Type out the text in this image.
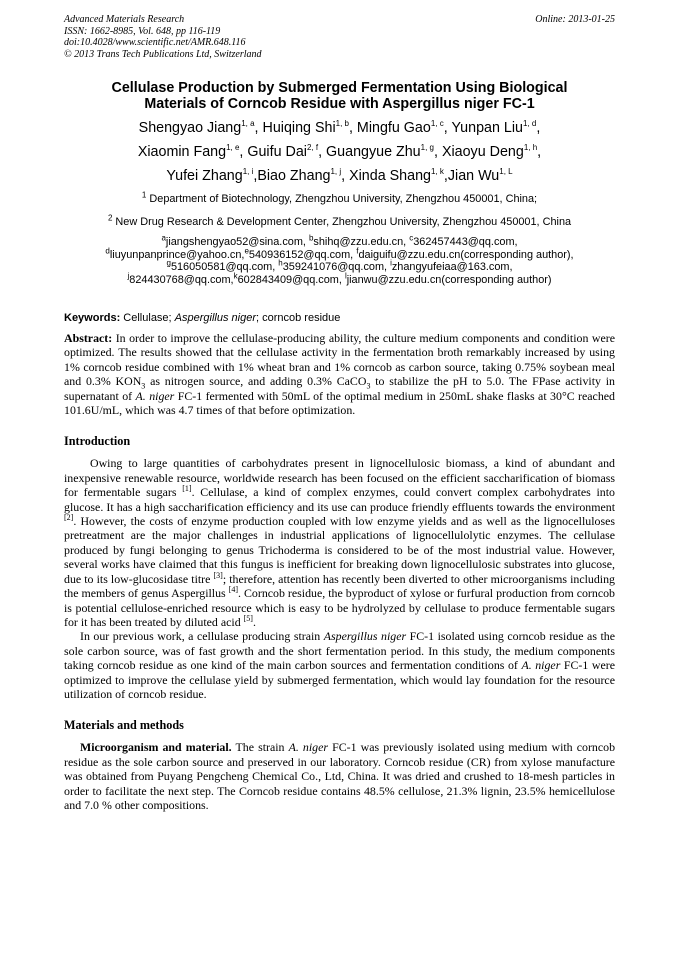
Advanced Materials Research
ISSN: 1662-8985, Vol. 648, pp 116-119
doi:10.4028/www.scientific.net/AMR.648.116
© 2013 Trans Tech Publications Ltd, Switzerland
Online: 2013-01-25
Cellulase Production by Submerged Fermentation Using Biological
Materials of Corncob Residue with Aspergillus niger FC-1
Shengyao Jiang$^{1, a}$, Huiqing Shi$^{1, b}$, Mingfu Gao$^{1, c}$, Yunpan Liu$^{1, d}$,
Xiaomin Fang$^{1, e}$, Guifu Dai$^{2, f}$, Guangyue Zhu$^{1, g}$, Xiaoyu Deng$^{1, h}$,
Yufei Zhang$^{1, i}$,Biao Zhang$^{1, j}$, Xinda Shang$^{1, k}$,Jian $Wu^{1, L}$
$^1$ Department of Biotechnology, Zhengzhou University, Zhengzhou 450001, China;
$^2$ New Drug Research & Development Center, Zhengzhou University, Zhengzhou 450001, China
$^a$jiangshengyao52@sina.com, $^b$shihq@zzu.edu.cn, $^c$362457443@qq.com,
$^d$liuyunpanprince@yahoo.cn,$^e$540936152@qq.com, $^f$daiguifu@zzu.edu.cn(corresponding author),
$^g$516050581@qq.com, $^h$359241076@qq.com, $^i$zhangyufeiaa@163.com,
$^j$824430768@qq.com,$^k$602843409@qq.com, $^l$jianwu@zzu.edu.cn(corresponding author)
Keywords: Cellulase; Aspergillus niger; corncob residue
Abstract: In order to improve the cellulase-producing ability, the culture medium components and condition were optimized. The results showed that the cellulase activity in the fermentation broth remarkably increased by using 1% corncob residue combined with 1% wheat bran and 1% corncob as carbon source, taking 0.75% soybean meal and 0.3% $KON_3$ as nitrogen source, and adding 0.3% CaCO$_3$ to stabilize the pH to 5.0. The FPase activity in supernatant of A. niger FC-1 fermented with 50mL of the optimal medium in 250mL shake flasks at 30°C reached 101.6U/mL, which was 4.7 times of that before optimization.
Introduction
Owing to large quantities of carbohydrates present in lignocellulosic biomass, a kind of abundant and inexpensive renewable resource, worldwide research has been focused on the efficient saccharification of biomass for fermentable sugars [1]. Cellulase, a kind of complex enzymes, could convert complex carbohydrates into glucose. It has a high saccharification efficiency and its use can produce friendly effluents towards the environment [2]. However, the costs of enzyme production coupled with low enzyme yields and as well as the lignocelluloses pretreatment are the major challenges in industrial applications of lignocellulolytic enzymes. The cellulase produced by fungi belonging to genus Trichoderma is considered to be of the most industrial value. However, several works have claimed that this fungus is inefficient for breaking down lignocellulosic substrates into glucose, due to its low-glucosidase titre [3]; therefore, attention has recently been diverted to other microorganisms including the members of genus Aspergillus [4]. Corncob residue, the byproduct of xylose or furfural production from corncob is potential cellulose-enriched resource which is easy to be hydrolyzed by cellulase to produce fermentable sugars for it has been treated by diluted acid [5].
In our previous work, a cellulase producing strain Aspergillus niger FC-1 isolated using corncob residue as the sole carbon source, was of fast growth and the short fermentation period. In this study, the medium components taking corncob residue as one kind of the main carbon sources and fermentation conditions of A. niger FC-1 were optimized to improve the cellulase yield by submerged fermentation, which would lay foundation for the resource utilization of corncob residue.
Materials and methods
Microorganism and material. The strain A. niger FC-1 was previously isolated using medium with corncob residue as the sole carbon source and preserved in our laboratory. Corncob residue (CR) from xylose manufacture was obtained from Puyang Pengcheng Chemical Co., Ltd, China. It was dried and crushed to 18-mesh particles in order to facilitate the next step. The Corncob residue contains 48.5% cellulose, 21.3% lignin, 23.5% hemicellulose and 7.0 % other compositions.
